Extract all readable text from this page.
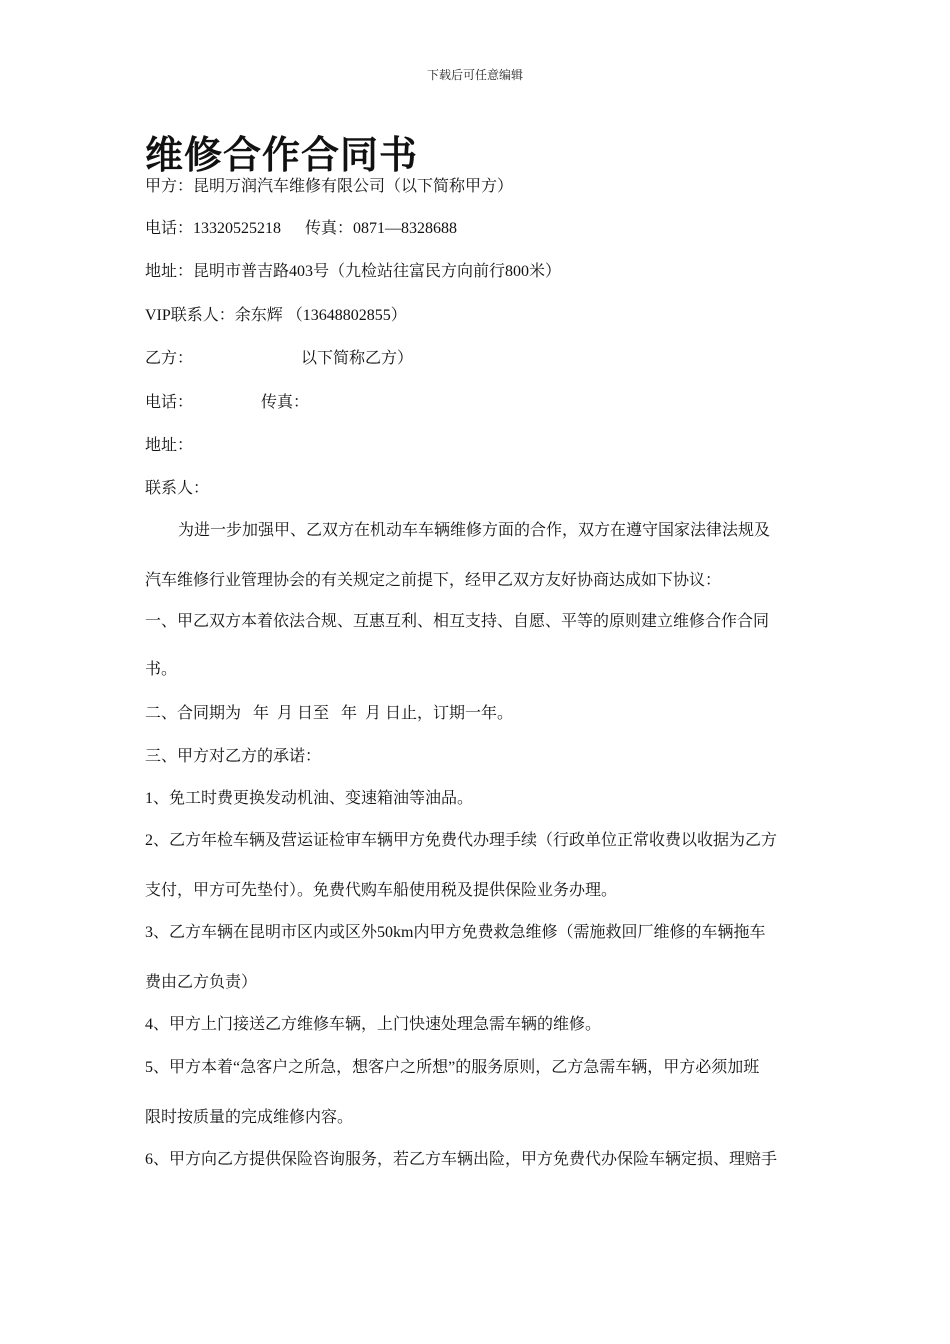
下载后可任意编辑
维修合作合同书
甲方：昆明万润汽车维修有限公司（以下简称甲方）
电话：13320525218      传真：0871—8328688
地址：昆明市普吉路403号（九检站往富民方向前行800米）
VIP联系人：余东辉 （13648802855）
乙方：                           以下简称乙方）
电话：                 传真：
地址：
联系人：
为进一步加强甲、乙双方在机动车车辆维修方面的合作，双方在遵守国家法律法规及
汽车维修行业管理协会的有关规定之前提下，经甲乙双方友好协商达成如下协议：
一、甲乙双方本着依法合规、互惠互利、相互支持、自愿、平等的原则建立维修合作合同
书。
二、合同期为   年  月 日至   年  月 日止，订期一年。
三、甲方对乙方的承诺：
1、免工时费更换发动机油、变速箱油等油品。
2、乙方年检车辆及营运证检审车辆甲方免费代办理手续（行政单位正常收费以收据为乙方
支付，甲方可先垫付）。免费代购车船使用税及提供保险业务办理。
3、乙方车辆在昆明市区内或区外50km内甲方免费救急维修（需施救回厂维修的车辆拖车
费由乙方负责）
4、甲方上门接送乙方维修车辆，上门快速处理急需车辆的维修。
5、甲方本着“急客户之所急，想客户之所想”的服务原则，乙方急需车辆，甲方必须加班
限时按质量的完成维修内容。
6、甲方向乙方提供保险咨询服务，若乙方车辆出险，甲方免费代办保险车辆定损、理赔手
